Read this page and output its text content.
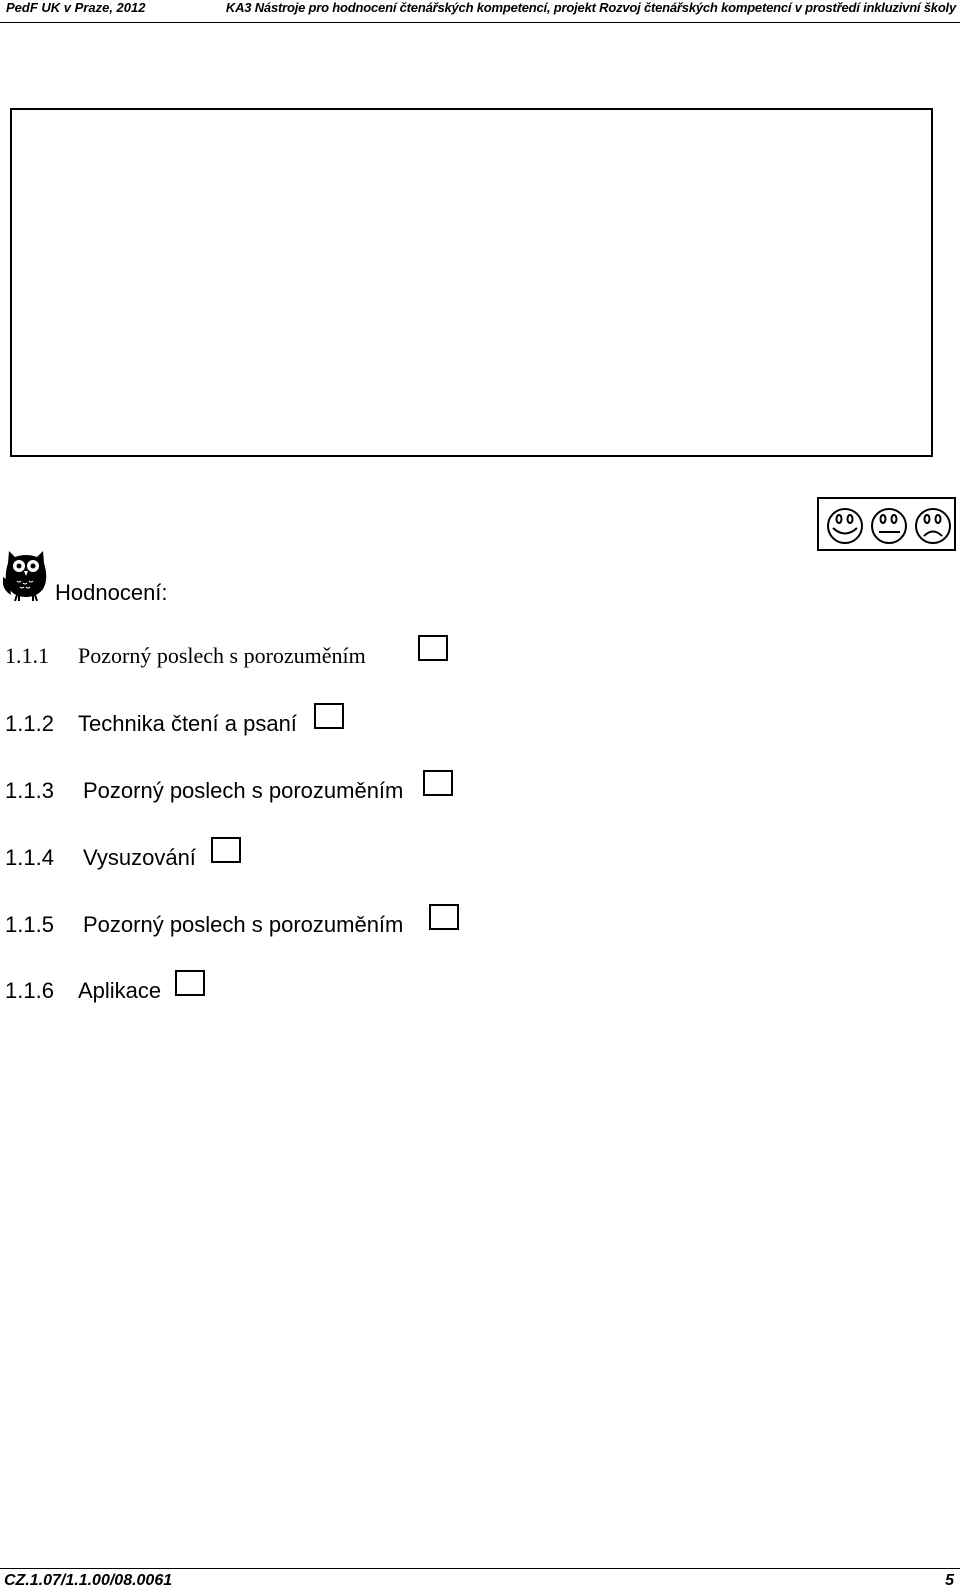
PedF UK v Praze, 2012	KA3 Nástroje pro hodnocení čtenářských kompetencí, projekt Rozvoj čtenářských kompetencí v prostředí inkluzivní školy
Hodnocení:
1.1.1 Pozorný poslech s porozuměním
1.1.2 Technika čtení a psaní
1.1.3 Pozorný poslech s porozuměním
1.1.4 Vysuzování
1.1.5 Pozorný poslech s porozuměním
1.1.6 Aplikace
CZ.1.07/1.1.00/08.0061	5
